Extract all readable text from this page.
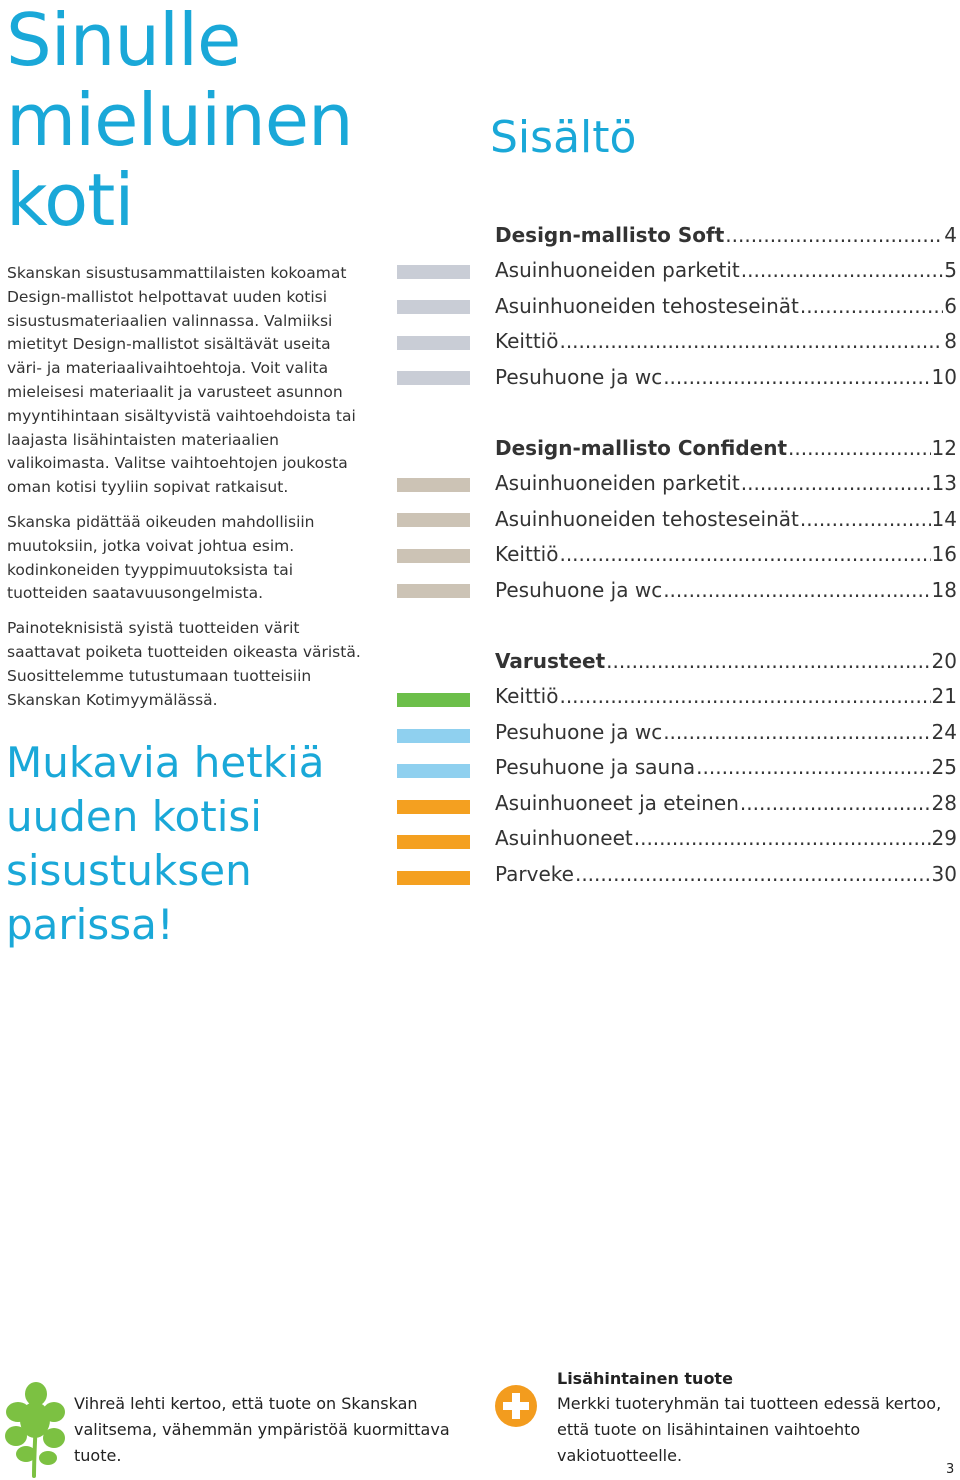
Sinulle
mieluinen
koti

Skanskan sisustusammattilaisten kokoamat Design-mallistot helpottavat uuden kotisi sisustusmateriaalien valinnassa. Valmiiksi mietityt Design-mallistot sisältävät useita väri- ja materiaalivaihtoehtoja. Voit valita mieleisesi materiaalit ja varusteet asunnon myyntihintaan sisältyvistä vaihtoehdoista tai laajasta lisähintaisten materiaalien valikoimasta. Valitse vaihtoehtojen joukosta oman kotisi tyyliin sopivat ratkaisut.

Skanska pidättää oikeuden mahdollisiin muutoksiin, jotka voivat johtua esim. kodinkoneiden tyyppimuutoksista tai tuotteiden saatavuusongelmista.

Painoteknisistä syistä tuotteiden värit saattavat poiketa tuotteiden oikeasta väristä. Suosittelemme tutustumaan tuotteisiin Skanskan Kotimyymälässä.

Mukavia hetkiä
uuden kotisi
sisustuksen parissa!
Sisältö
Design-mallisto Soft .....	4
Asuinhuoneiden parketit .....	5
Asuinhuoneiden tehosteseinät .....	6
Keittiö .....	8
Pesuhuone ja wc .....	10
Design-mallisto Confident .....	12
Asuinhuoneiden parketit .....	13
Asuinhuoneiden tehosteseinät .....	14
Keittiö .....	16
Pesuhuone ja wc .....	18
Varusteet .....	20
Keittiö .....	21
Pesuhuone ja wc .....	24
Pesuhuone ja sauna .....	25
Asuinhuoneet ja eteinen .....	28
Asuinhuoneet .....	29
Parveke .....	30
Vihreä lehti kertoo, että tuote on Skanskan valitsema, vähemmän ympäristöä kuormittava tuote.
Lisähintainen tuote
Merkki tuoteryhmän tai tuotteen edessä kertoo, että tuote on lisähintainen vaihtoehto vakiotuotteelle.
3
